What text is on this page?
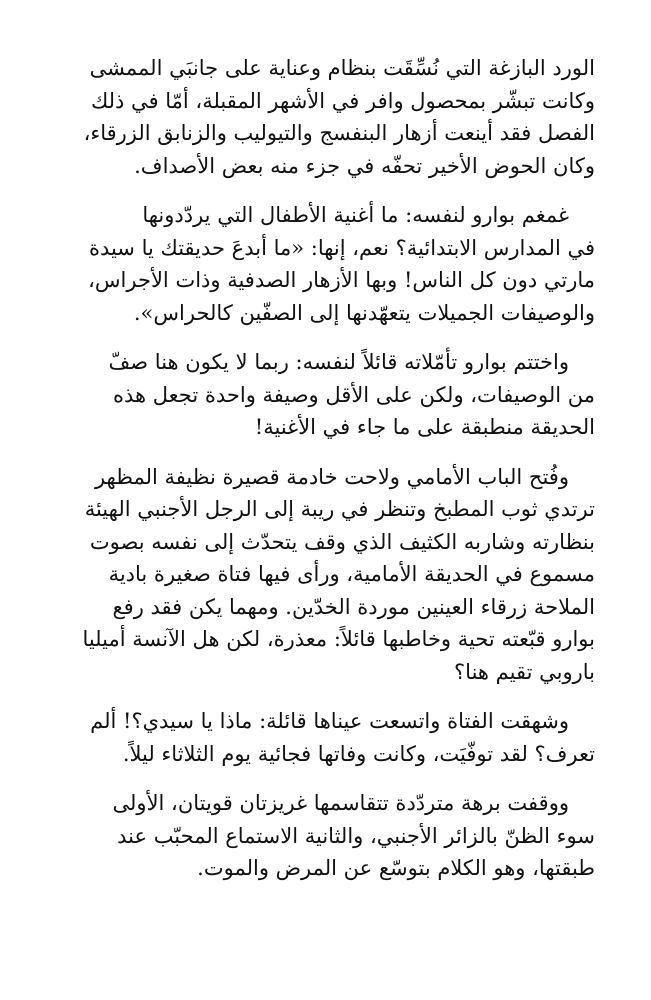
الورد البازغة التي نُسِّقَت بنظام وعناية على جانبَي الممشى
وكانت تبشّر بمحصول وافر في الأشهر المقبلة، أمّا في ذلك
الفصل فقد أينعت أزهار البنفسج والتيوليب والزنابق الزرقاء،
وكان الحوض الأخير تحفّه في جزء منه بعض الأصداف.

غمغم بوارو لنفسه: ما أغنية الأطفال التي يردّدونها
في المدارس الابتدائية؟ نعم، إنها: «ما أبدعَ حديقتك يا سيدة
مارتي دون كل الناس! وبها الأزهار الصدفية وذات الأجراس،
والوصيفات الجميلات يتعهّدنها إلى الصفّين كالحراس».

واختتم بوارو تأمّلاته قائلاً لنفسه: ربما لا يكون هنا صفّ
من الوصيفات، ولكن على الأقل وصيفة واحدة تجعل هذه
الحديقة منطبقة على ما جاء في الأغنية!

وفُتح الباب الأمامي ولاحت خادمة قصيرة نظيفة المظهر
ترتدي ثوب المطبخ وتنظر في ريبة إلى الرجل الأجنبي الهيئة
بنظارته وشاربه الكثيف الذي وقف يتحدّث إلى نفسه بصوت
مسموع في الحديقة الأمامية، ورأى فيها فتاة صغيرة بادية
الملاحة زرقاء العينين موردة الخدّين. ومهما يكن فقد رفع
بوارو قبّعته تحية وخاطبها قائلاً: معذرة، لكن هل الآنسة أميليا
باروبي تقيم هنا؟

وشهقت الفتاة واتسعت عيناها قائلة: ماذا يا سيدي؟! ألم
تعرف؟ لقد توفّيَت، وكانت وفاتها فجائية يوم الثلاثاء ليلاً.

ووقفت برهة متردّدة تتقاسمها غريزتان قويتان، الأولى
سوء الظنّ بالزائر الأجنبي، والثانية الاستماع المحبّب عند
طبقتها، وهو الكلام بتوسّع عن المرض والموت.
